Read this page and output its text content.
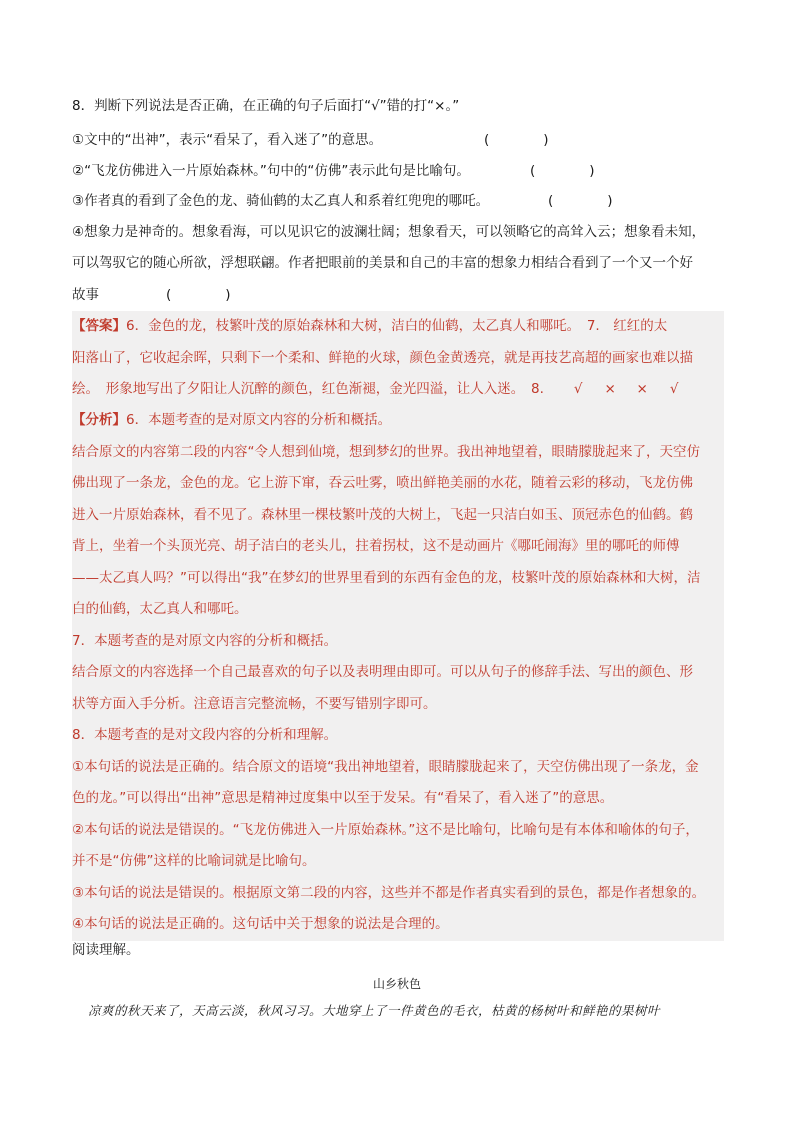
8．判断下列说法是否正确，在正确的句子后面打“√”错的打“×。”
①文中的“出神”，表示“看呆了，看入迷了”的意思。	(　　　　)
②“飞龙仿佛进入一片原始森林。”句中的“仿佛”表示此句是比喻句。	(　　　　)
③作者真的看到了金色的龙、骑仙鹤的太乙真人和系着红兜兜的哪吒。	(　　　　)
④想象力是神奇的。想象看海，可以见识它的波澜壮阔；想象看天，可以领略它的高耸入云；想象看未知，
可以驾驭它的随心所欲，浮想联翩。作者把眼前的美景和自己的丰富的想象力相结合看到了一个又一个好
故事	(　　　　)
【答案】6．金色的龙，枝繁叶茂的原始森林和大树，洁白的仙鹤，太乙真人和哪吒。　7.　红红的太
阳落山了，它收起余晖，只剩下一个柔和、鲜艳的火球，颜色金黄透亮，就是再技艺高超的画家也难以描
绘。　形象地写出了夕阳让人沉醉的颜色，红色渐褪，金光四溢，让人入迷。　8. √ × × √
【分析】6．本题考查的是对原文内容的分析和概括。
结合原文的内容第二段的内容“令人想到仙境，想到梦幻的世界。我出神地望着，眼睛朦胧起来了，天空仿
佛出现了一条龙，金色的龙。它上游下窜，吞云吐雾，喷出鲜艳美丽的水花，随着云彩的移动，飞龙仿佛
进入一片原始森林，看不见了。森林里一棵枝繁叶茂的大树上，飞起一只洁白如玉、顶冠赤色的仙鹤。鹤
背上，坐着一个头顶光亮、胡子洁白的老头儿，拄着拐杖，这不是动画片《哪吒闹海》里的哪吒的师傅
——太乙真人吗？”可以得出“我”在梦幻的世界里看到的东西有金色的龙，枝繁叶茂的原始森林和大树，洁
白的仙鹤，太乙真人和哪吒。
7．本题考查的是对原文内容的分析和概括。
结合原文的内容选择一个自己最喜欢的句子以及表明理由即可。可以从句子的修辞手法、写出的颜色、形
状等方面入手分析。注意语言完整流畅，不要写错别字即可。
8．本题考查的是对文段内容的分析和理解。
①本句话的说法是正确的。结合原文的语境“我出神地望着，眼睛朦胧起来了，天空仿佛出现了一条龙，金
色的龙。”可以得出“出神”意思是精神过度集中以至于发呆。有“看呆了，看入迷了”的意思。
②本句话的说法是错误的。“飞龙仿佛进入一片原始森林。”这不是比喻句，比喻句是有本体和喻体的句子，
并不是“仿佛”这样的比喻词就是比喻句。
③本句话的说法是错误的。根据原文第二段的内容，这些并不都是作者真实看到的景色，都是作者想象的。
④本句话的说法是正确的。这句话中关于想象的说法是合理的。
阅读理解。
山乡秋色
凉爽的秋天来了，天高云淡，秋风习习。大地穿上了一件黄色的毛衣，枯黄的杨树叶和鲜艳的果树叶
